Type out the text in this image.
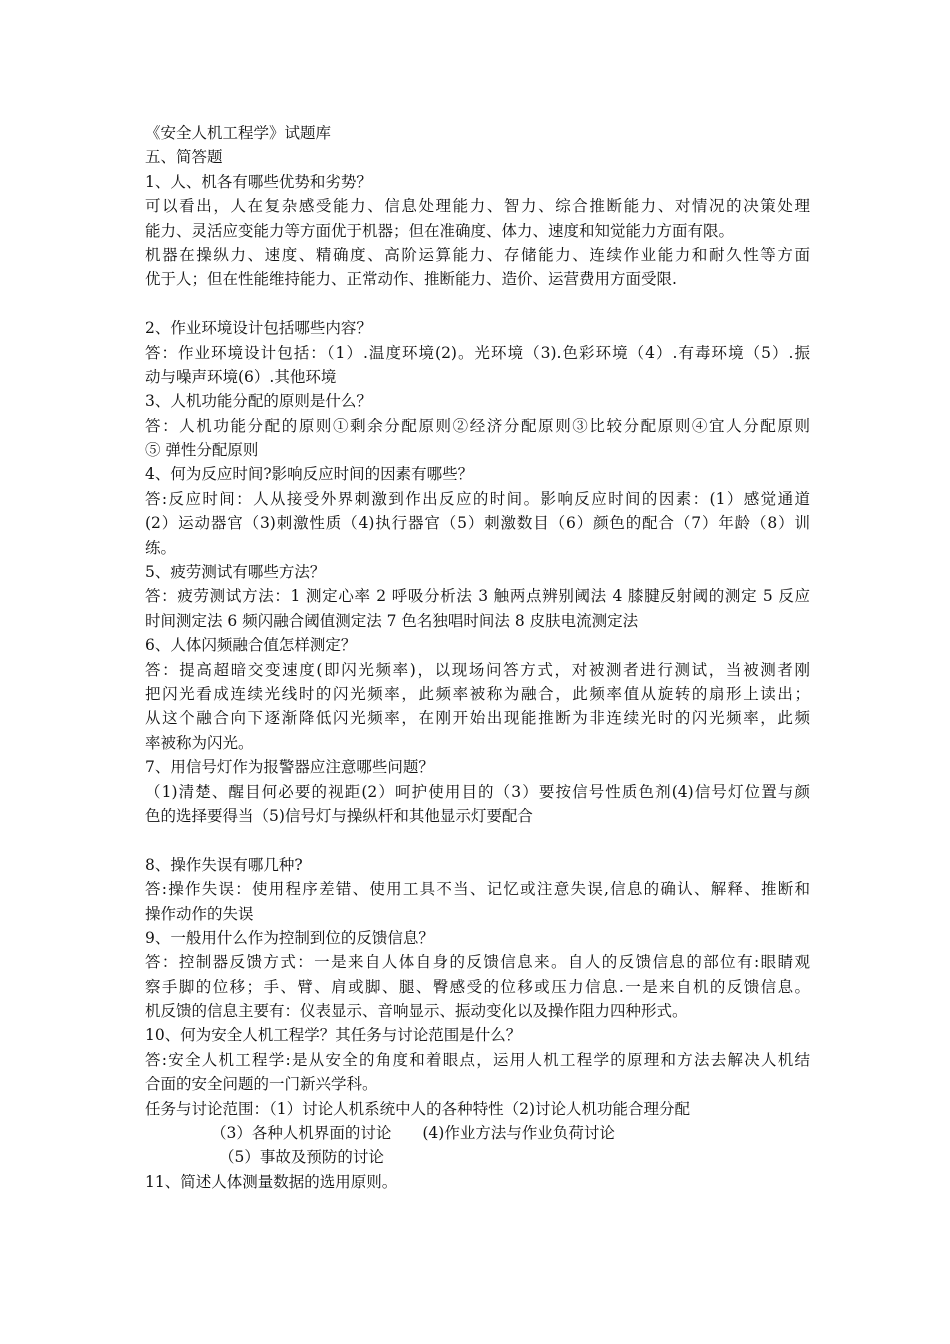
《安全人机工程学》试题库
五、简答题
1、人、机各有哪些优势和劣势？
可以看出，人在复杂感受能力、信息处理能力、智力、综合推断能力、对情况的决策处理
能力、灵活应变能力等方面优于机器；但在准确度、体力、速度和知觉能力方面有限。
机器在操纵力、速度、精确度、高阶运算能力、存储能力、连续作业能力和耐久性等方面
优于人；但在性能维持能力、正常动作、推断能力、造价、运营费用方面受限.
2、作业环境设计包括哪些内容？
答：作业环境设计包括：（1）.温度环境(2)。光环境（3).色彩环境（4）.有毒环境（5）.振
动与噪声环境(6）.其他环境
3、人机功能分配的原则是什么？
答：人机功能分配的原则①剩余分配原则②经济分配原则③比较分配原则④宜人分配原则
⑤ 弹性分配原则
4、何为反应时间?影响反应时间的因素有哪些？
答:反应时间：人从接受外界刺激到作出反应的时间。影响反应时间的因素：(1）感觉通道
(2）运动器官（3)刺激性质（4)执行器官（5）刺激数目（6）颜色的配合（7）年龄（8）训
练。
5、疲劳测试有哪些方法？
答：疲劳测试方法：1 测定心率 2 呼吸分析法 3 触两点辨别阈法 4 膝腱反射阈的测定 5 反应
时间测定法 6 频闪融合阈值测定法 7 色名独唱时间法 8 皮肤电流测定法
6、人体闪频融合值怎样测定？
答：提高超暗交变速度(即闪光频率)，以现场问答方式，对被测者进行测试，当被测者刚
把闪光看成连续光线时的闪光频率，此频率被称为融合，此频率值从旋转的扇形上读出；
从这个融合向下逐渐降低闪光频率，在刚开始出现能推断为非连续光时的闪光频率，此频
率被称为闪光。
7、用信号灯作为报警器应注意哪些问题？
（1)清楚、醒目何必要的视距(2）呵护使用目的（3）要按信号性质色剂(4)信号灯位置与颜
色的选择要得当（5)信号灯与操纵杆和其他显示灯要配合
8、操作失误有哪几种?
答:操作失误：使用程序差错、使用工具不当、记忆或注意失误,信息的确认、解释、推断和
操作动作的失误
9、一般用什么作为控制到位的反馈信息？
答：控制器反馈方式：一是来自人体自身的反馈信息来。自人的反馈信息的部位有:眼睛观
察手脚的位移；手、臂、肩或脚、腿、臀感受的位移或压力信息.一是来自机的反馈信息。
机反馈的信息主要有：仪表显示、音响显示、振动变化以及操作阻力四种形式。
10、何为安全人机工程学？其任务与讨论范围是什么？
答:安全人机工程学:是从安全的角度和着眼点，运用人机工程学的原理和方法去解决人机结
合面的安全问题的一门新兴学科。
任务与讨论范围：（1）讨论人机系统中人的各种特性（2)讨论人机功能合理分配
（3）各种人机界面的讨论　　(4)作业方法与作业负荷讨论
（5）事故及预防的讨论
11、简述人体测量数据的选用原则。
